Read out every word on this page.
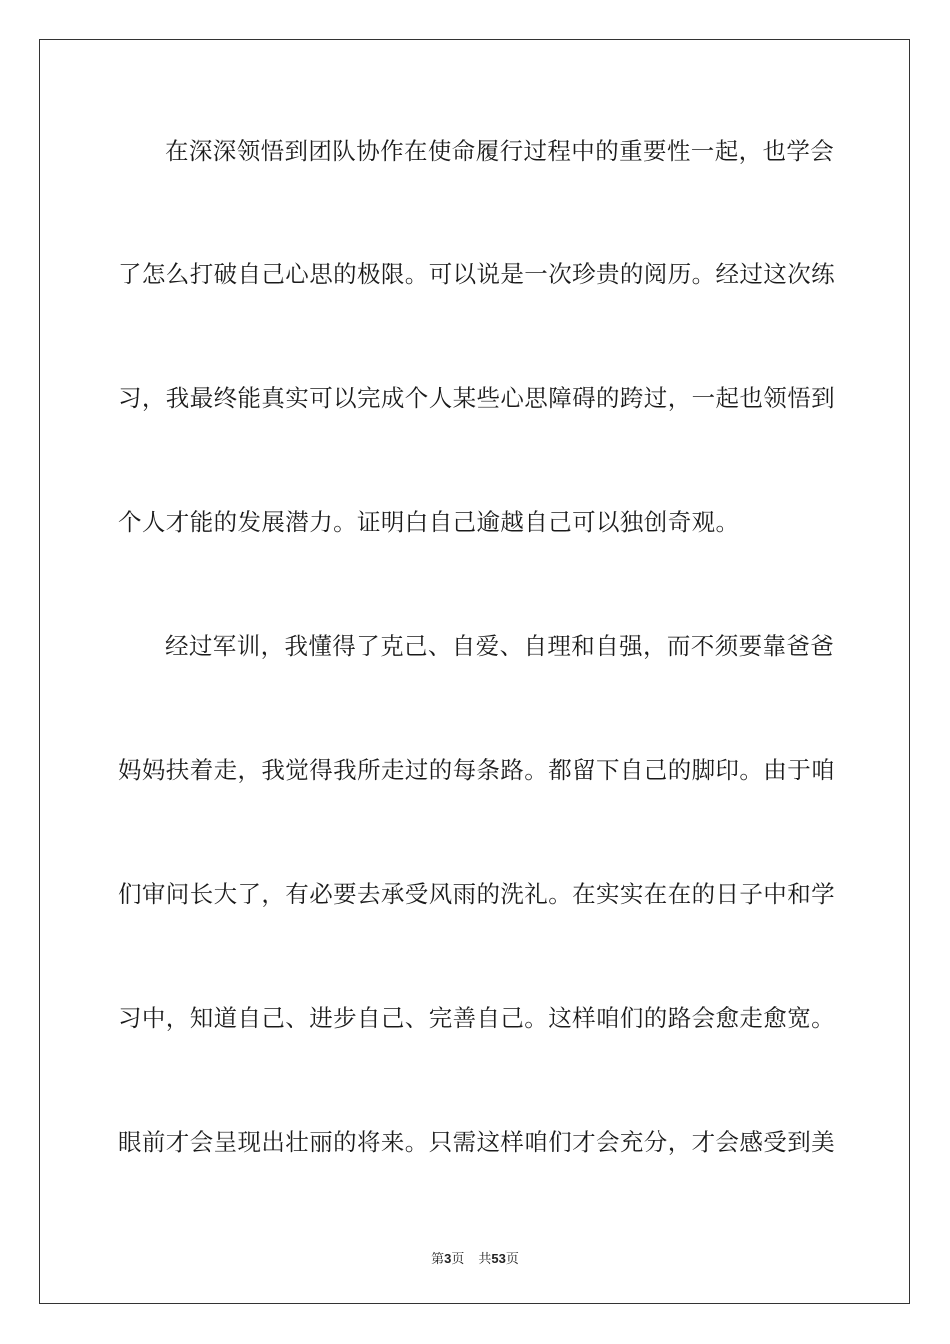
在深深领悟到团队协作在使命履行过程中的重要性一起，也学会
了怎么打破自己心思的极限。可以说是一次珍贵的阅历。经过这次练
习，我最终能真实可以完成个人某些心思障碍的跨过，一起也领悟到
个人才能的发展潜力。证明白自己逾越自己可以独创奇观。
经过军训，我懂得了克己、自爱、自理和自强，而不须要靠爸爸
妈妈扶着走，我觉得我所走过的每条路。都留下自己的脚印。由于咱
们审问长大了，有必要去承受风雨的洗礼。在实实在在的日子中和学
习中，知道自己、进步自己、完善自己。这样咱们的路会愈走愈宽。
眼前才会呈现出壮丽的将来。只需这样咱们才会充分，才会感受到美
第3页 共53页
